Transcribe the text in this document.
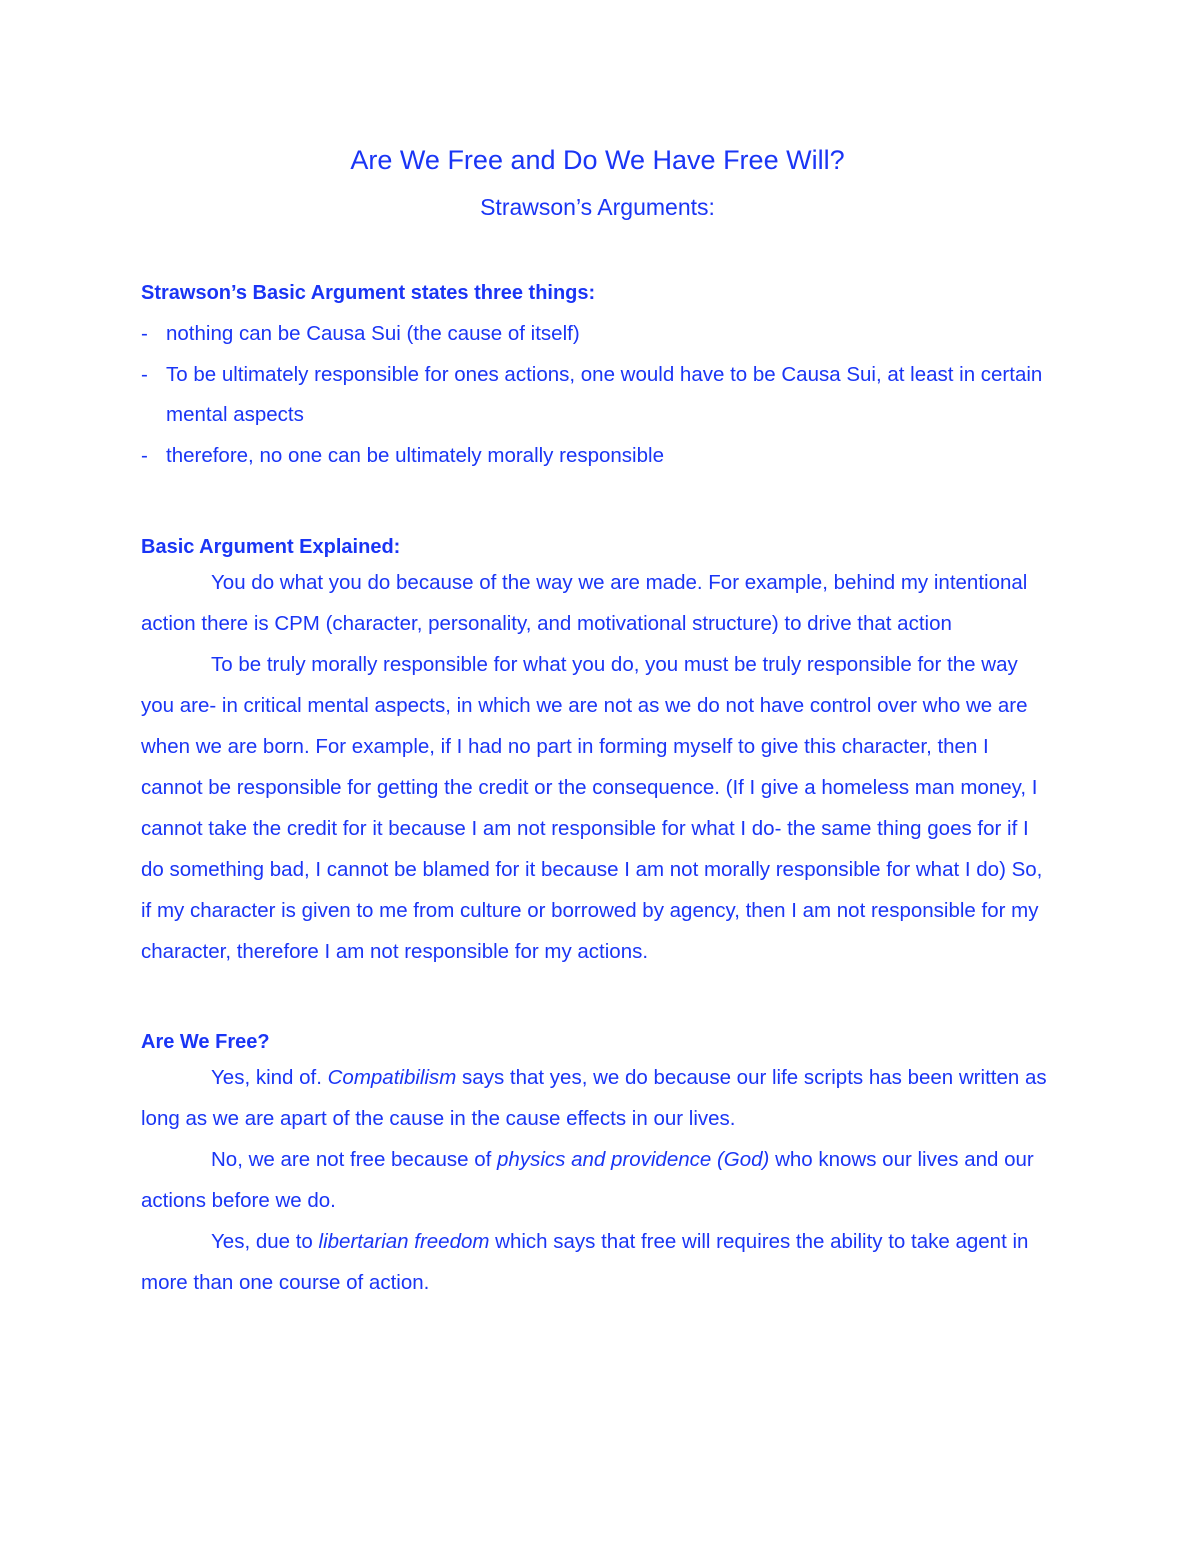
Are We Free and Do We Have Free Will?
Strawson’s Arguments:
Strawson’s Basic Argument states three things:
- nothing can be Causa Sui (the cause of itself)
- To be ultimately responsible for ones actions, one would have to be Causa Sui, at least in certain mental aspects
- therefore, no one can be ultimately morally responsible
Basic Argument Explained:

You do what you do because of the way we are made. For example, behind my intentional action there is CPM (character, personality, and motivational structure) to drive that action

To be truly morally responsible for what you do, you must be truly responsible for the way you are- in critical mental aspects, in which we are not as we do not have control over who we are when we are born. For example, if I had no part in forming myself to give this character, then I cannot be responsible for getting the credit or the consequence. (If I give a homeless man money, I cannot take the credit for it because I am not responsible for what I do- the same thing goes for if I do something bad, I cannot be blamed for it because I am not morally responsible for what I do) So, if my character is given to me from culture or borrowed by agency, then I am not responsible for my character, therefore I am not responsible for my actions.

Are We Free?

Yes, kind of. Compatibilism says that yes, we do because our life scripts has been written as long as we are apart of the cause in the cause effects in our lives.

No, we are not free because of physics and providence (God) who knows our lives and our actions before we do.

Yes, due to libertarian freedom which says that free will requires the ability to take agent in more than one course of action.
